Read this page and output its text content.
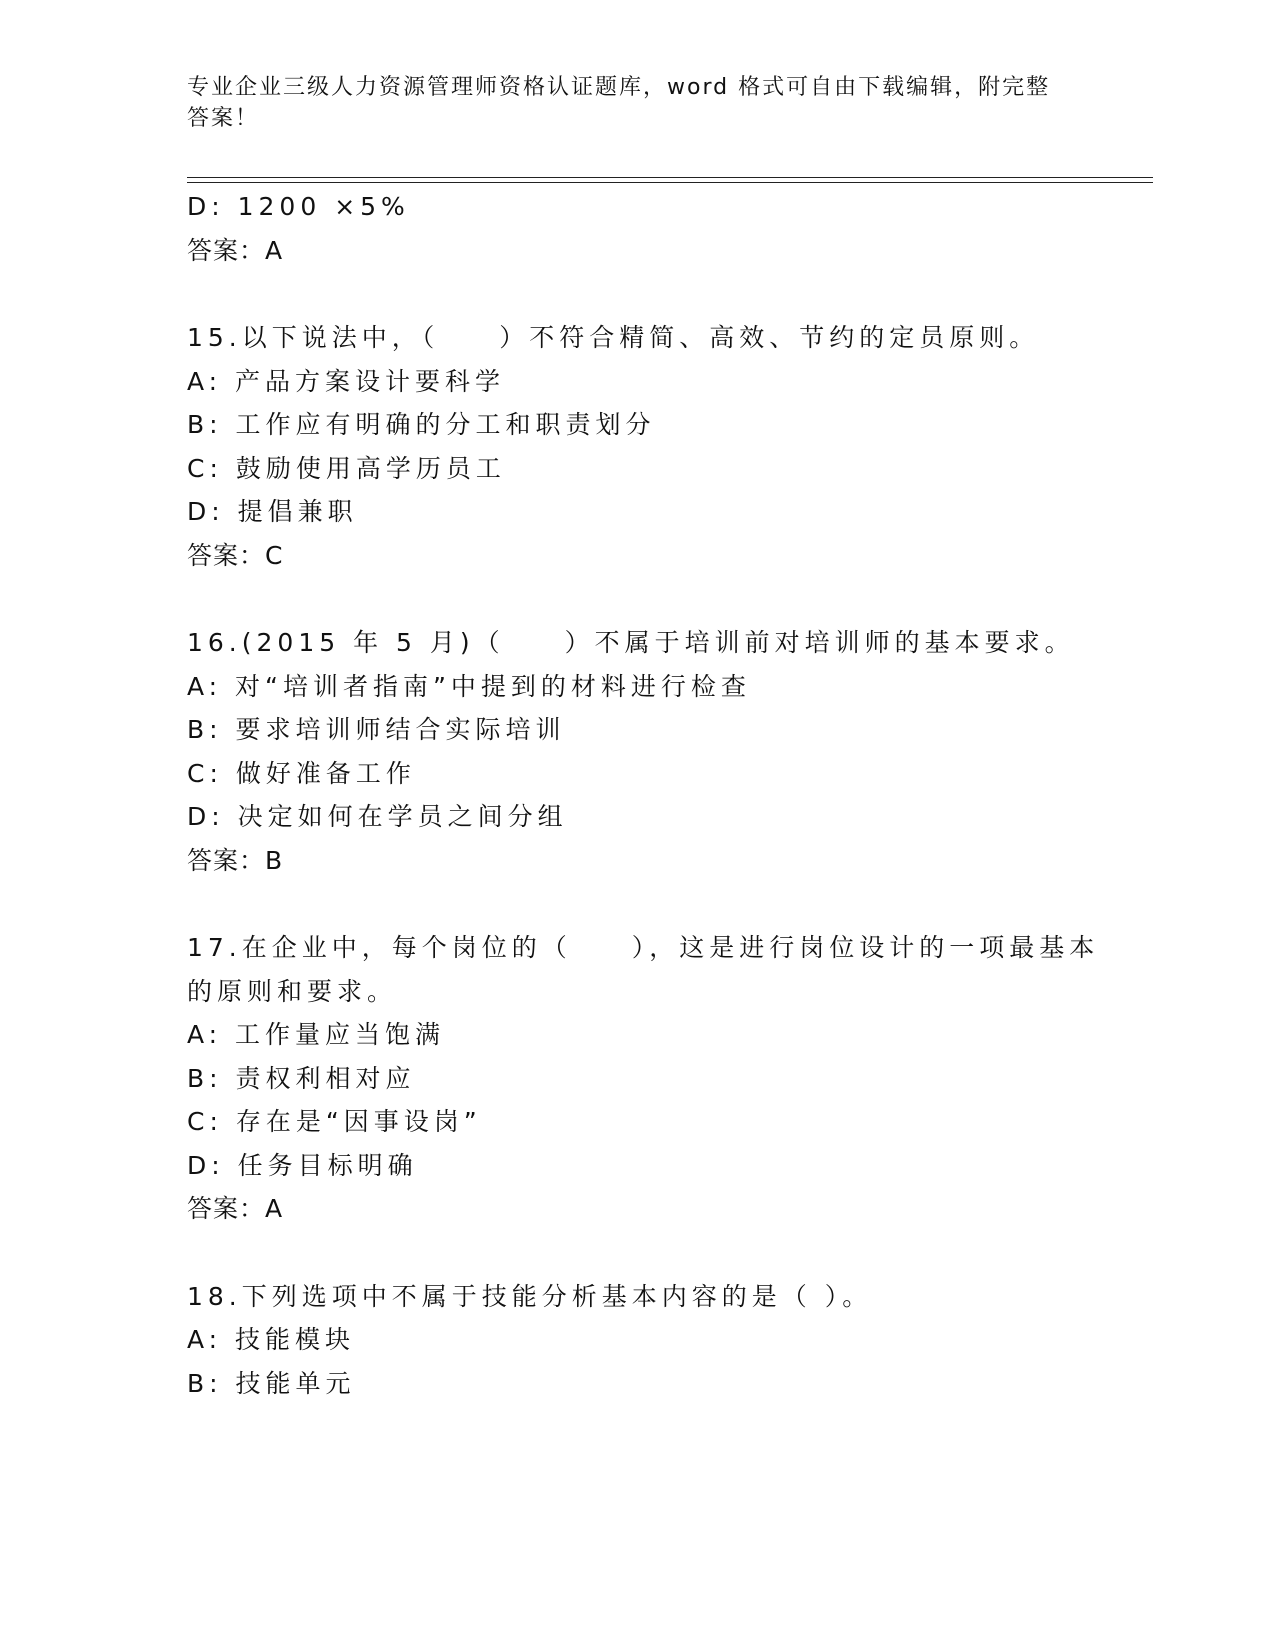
专业企业三级人力资源管理师资格认证题库，word 格式可自由下载编辑，附完整
答案！
D: 1200 ×5%
答案：A
15.以下说法中，（　　）不符合精简、高效、节约的定员原则。
A: 产品方案设计要科学
B: 工作应有明确的分工和职责划分
C: 鼓励使用高学历员工
D: 提倡兼职
答案：C
16.(2015 年 5 月)（　　）不属于培训前对培训师的基本要求。
A: 对“培训者指南”中提到的材料进行检查
B: 要求培训师结合实际培训
C: 做好准备工作
D: 决定如何在学员之间分组
答案：B
17.在企业中，每个岗位的（　　），这是进行岗位设计的一项最基本
的原则和要求。
A: 工作量应当饱满
B: 责权利相对应
C: 存在是“因事设岗”
D: 任务目标明确
答案：A
18.下列选项中不属于技能分析基本内容的是（ ）。
A: 技能模块
B: 技能单元
